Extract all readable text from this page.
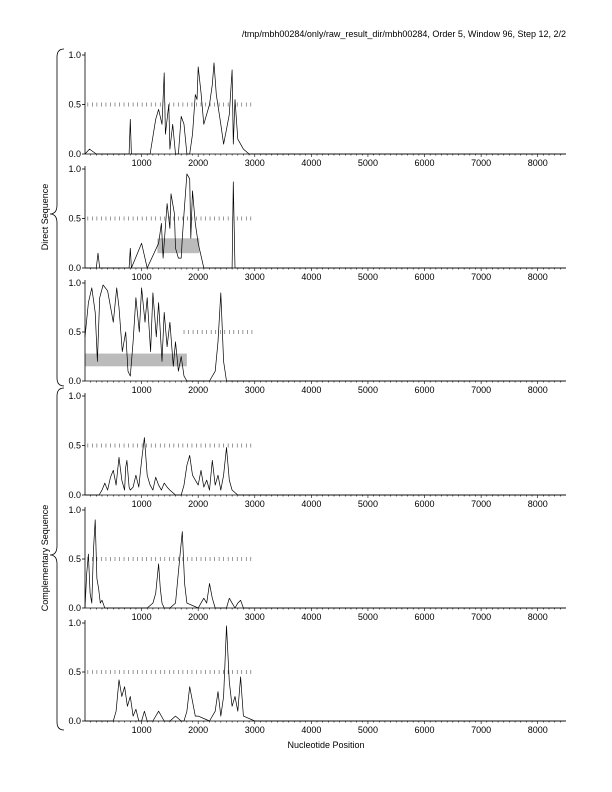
/tmp/mbh00284/only/raw_result_dir/mbh00284, Order 5, Window 96, Step 12, 2/2
0.0
0.5
1.0
1000	2000	3000	4000	5000	6000	7000	8000
0.0
0.5
1.0
1000	2000	3000	4000	5000	6000	7000	8000
0.0
0.5
1.0
1000	2000	3000	4000	5000	6000	7000	8000
0.0
0.5
1.0
1000	2000	3000	4000	5000	6000	7000	8000
0.0
0.5
1.0
1000	2000	3000	4000	5000	6000	7000	8000
0.0
0.5
1.0
1000	2000	3000	4000	5000	6000	7000	8000
Direct Sequence
Complementary Sequence
Nucleotide Position
